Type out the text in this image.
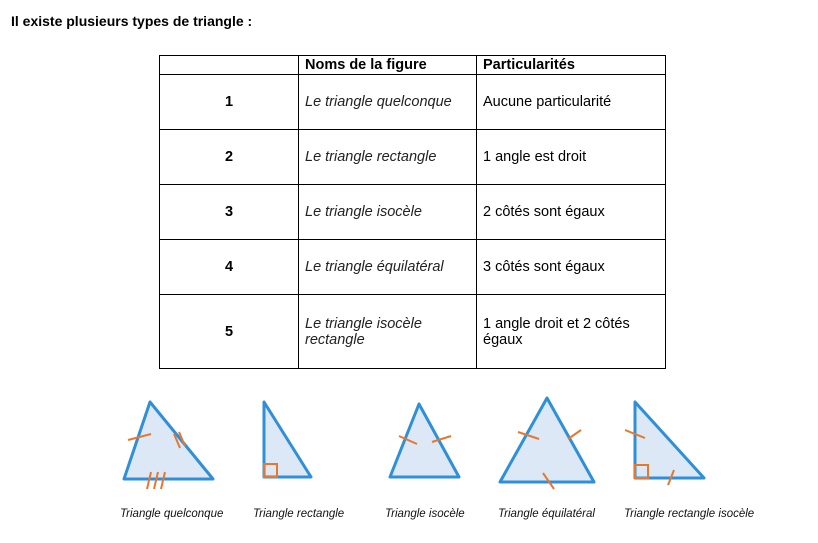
Il existe plusieurs types de triangle :
	Noms de la figure	Particularités
1	Le triangle quelconque	Aucune particularité
2	Le triangle rectangle	1 angle est droit
3	Le triangle isocèle	2 côtés sont égaux
4	Le triangle équilatéral	3 côtés sont égaux
5	Le triangle isocèle rectangle	1 angle droit et 2 côtés égaux
Triangle quelconque	Triangle rectangle	Triangle isocèle	Triangle équilatéral	Triangle rectangle isocèle
